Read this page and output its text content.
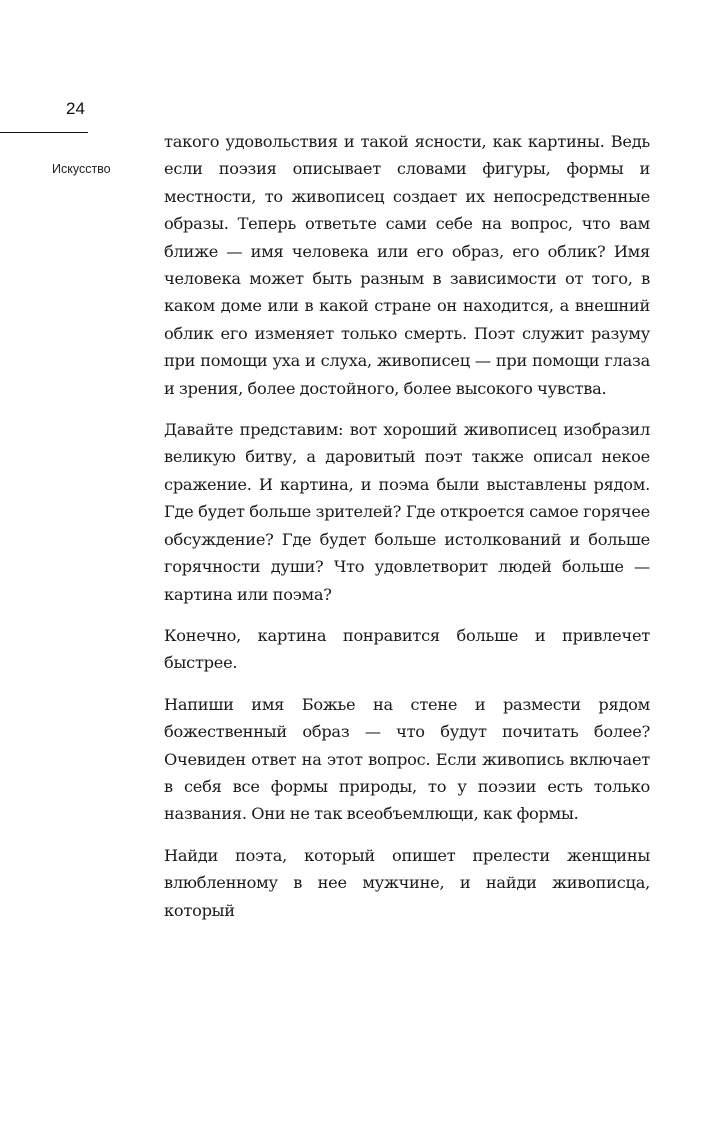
24
Искусство

такого удовольствия и такой ясности, как картины. Ведь если поэзия описывает словами фигуры, формы и местности, то живописец создает их непосредственные образы. Теперь ответьте сами себе на вопрос, что вам ближе — имя человека или его образ, его облик? Имя человека может быть разным в зависимости от того, в каком доме или в какой стране он находится, а внешний облик его изменяет только смерть. Поэт служит разуму при помощи уха и слуха, живописец — при помощи глаза и зрения, более достойного, более высокого чувства.

Давайте представим: вот хороший живописец изобразил великую битву, а даровитый поэт также описал некое сражение. И картина, и поэма были выставлены рядом. Где будет больше зрителей? Где откроется самое горячее обсуждение? Где будет больше истолкований и больше горячности души? Что удовлетворит людей больше — картина или поэма?

Конечно, картина понравится больше и привлечет быстрее.

Напиши имя Божье на стене и размести рядом божественный образ — что будут почитать более? Очевиден ответ на этот вопрос. Если живопись включает в себя все формы природы, то у поэзии есть только названия. Они не так всеобъемлющи, как формы.

Найди поэта, который опишет прелести женщины влюбленному в нее мужчине, и найди живописца, который
